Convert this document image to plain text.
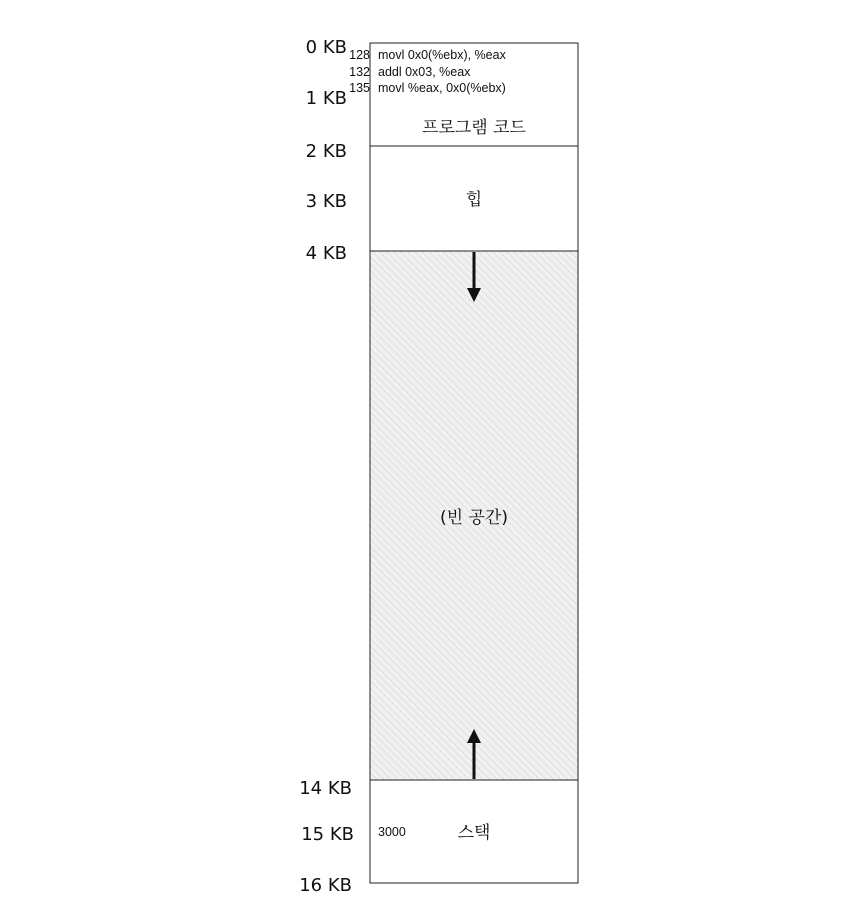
0 KB
1 KB
2 KB
3 KB
4 KB
14 KB
15 KB
16 KB
128
132
135
movl 0x0(%ebx), %eax
addl 0x03, %eax
movl %eax, 0x0(%ebx)
프로그램 코드
힙
(빈 공간)
스택
3000
